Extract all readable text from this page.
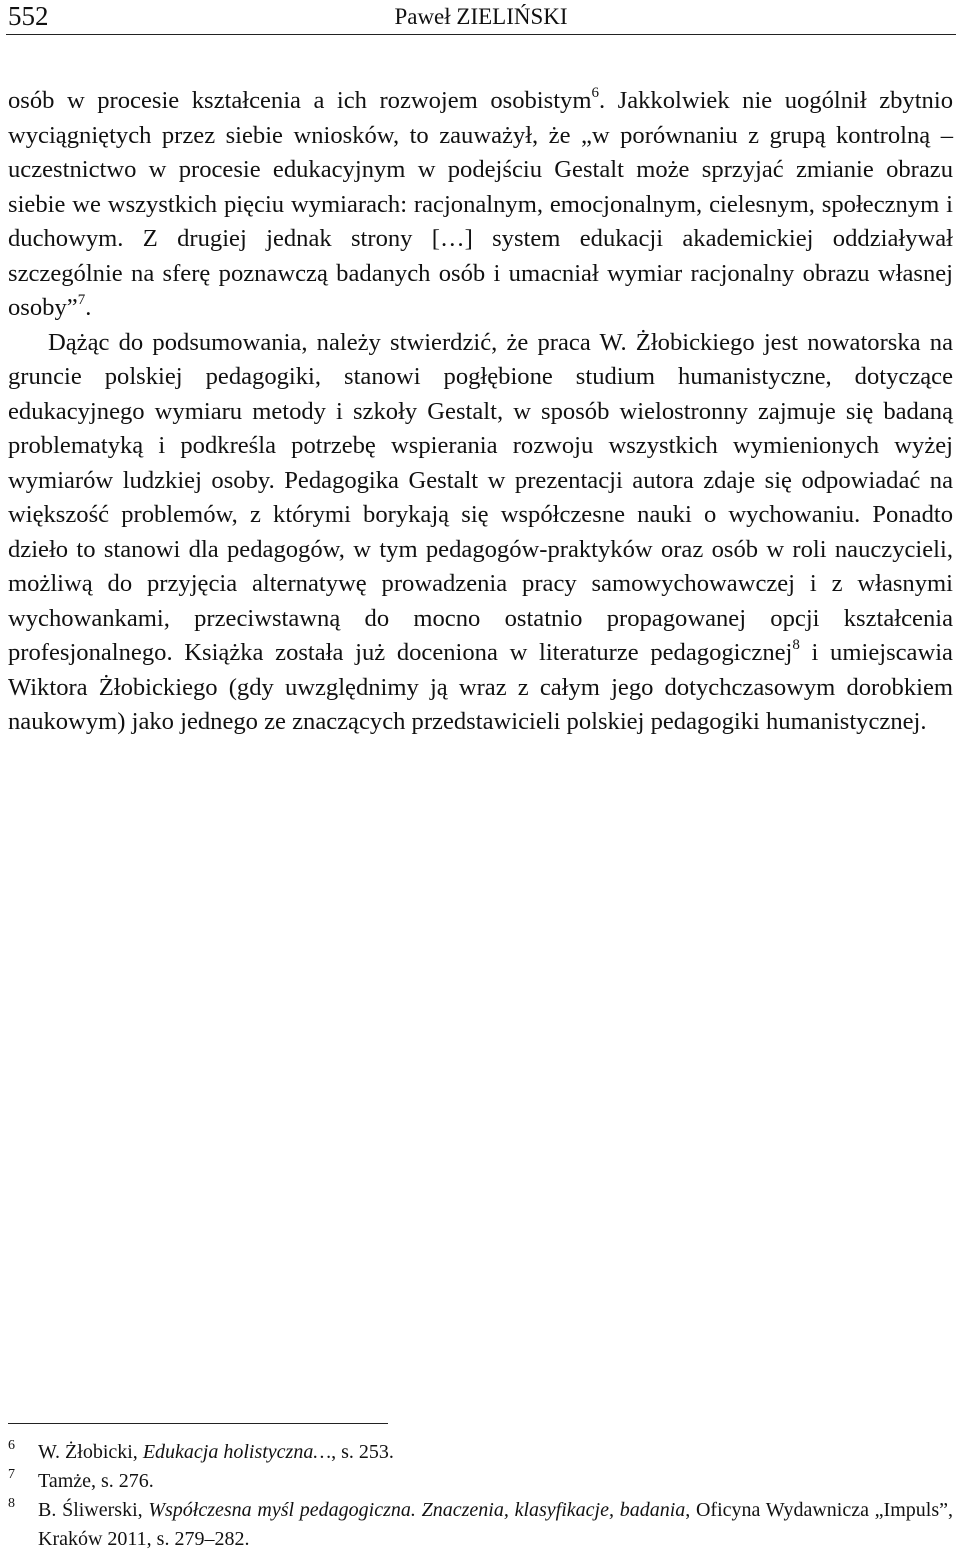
552	Paweł ZIELIŃSKI

osób w procesie kształcenia a ich rozwojem osobistym$^6$. Jakkolwiek nie uogólnił zbytnio wyciągniętych przez siebie wniosków, to zauważył, że „w porównaniu z grupą kontrolną – uczestnictwo w procesie edukacyjnym w podejściu Gestalt może sprzyjać zmianie obrazu siebie we wszystkich pięciu wymiarach: racjonalnym, emocjonalnym, cielesnym, społecznym i duchowym. Z drugiej jednak strony […] system edukacji akademickiej oddziaływał szczególnie na sferę poznawczą badanych osób i umacniał wymiar racjonalny obrazu własnej osoby”$^7$.

Dążąc do podsumowania, należy stwierdzić, że praca W. Żłobickiego jest nowatorska na gruncie polskiej pedagogiki, stanowi pogłębione studium humanistyczne, dotyczące edukacyjnego wymiaru metody i szkoły Gestalt, w sposób wielostronny zajmuje się badaną problematyką i podkreśla potrzebę wspierania rozwoju wszystkich wymienionych wyżej wymiarów ludzkiej osoby. Pedagogika Gestalt w prezentacji autora zdaje się odpowiadać na większość problemów, z którymi borykają się współczesne nauki o wychowaniu. Ponadto dzieło to stanowi dla pedagogów, w tym pedagogów-praktyków oraz osób w roli nauczycieli, możliwą do przyjęcia alternatywę prowadzenia pracy samowychowawczej i z własnymi wychowankami, przeciwstawną do mocno ostatnio propagowanej opcji kształcenia profesjonalnego. Książka została już doceniona w literaturze pedagogicznej$^8$ i umiejscawia Wiktora Żłobickiego (gdy uwzględnimy ją wraz z całym jego dotychczasowym dorobkiem naukowym) jako jednego ze znaczących przedstawicieli polskiej pedagogiki humanistycznej.

6 W. Żłobicki, Edukacja holistyczna…, s. 253.
7 Tamże, s. 276.
8 B. Śliwerski, Współczesna myśl pedagogiczna. Znaczenia, klasyfikacje, badania, Oficyna Wydawnicza „Impuls”, Kraków 2011, s. 279–282.
